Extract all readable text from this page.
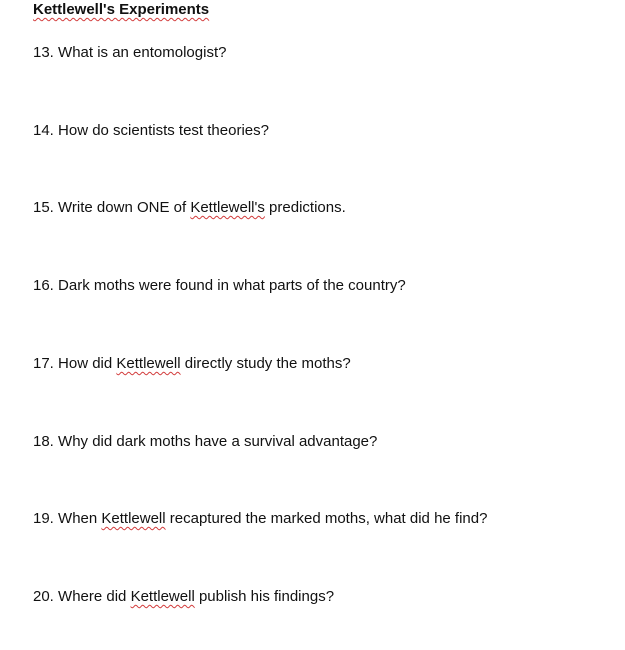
Kettlewell's Experiments
13. What is an entomologist?
14. How do scientists test theories?
15. Write down ONE of Kettlewell's predictions.
16. Dark moths were found in what parts of the country?
17. How did Kettlewell directly study the moths?
18. Why did dark moths have a survival advantage?
19. When Kettlewell recaptured the marked moths, what did he find?
20. Where did Kettlewell publish his findings?
